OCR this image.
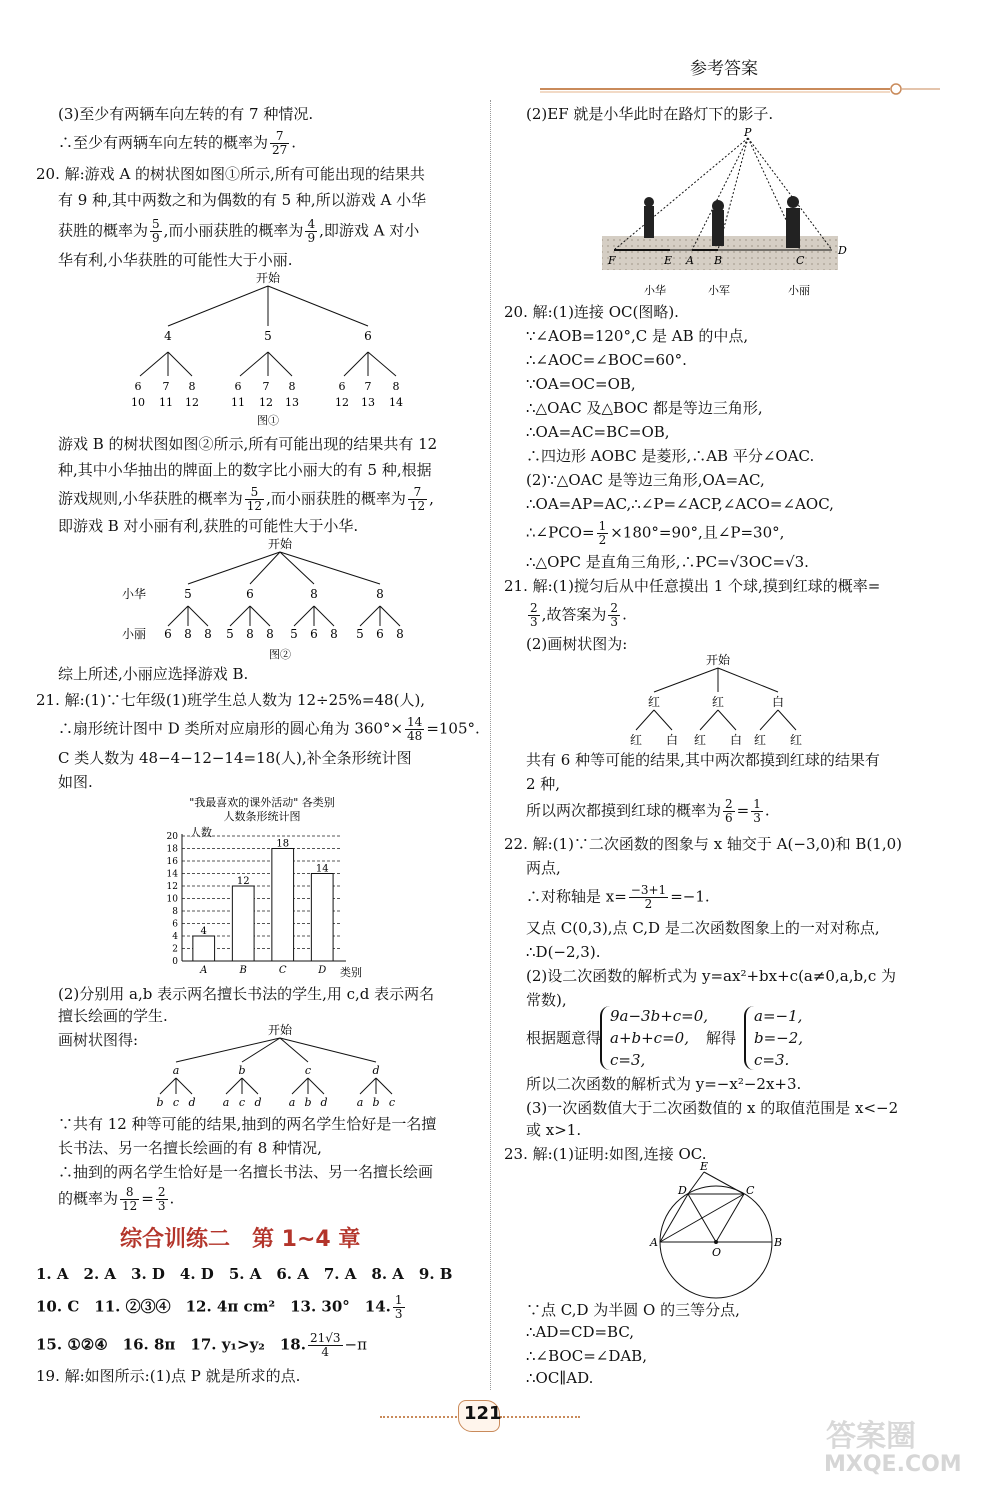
参考答案
(3)至少有两辆车向左转的有 7 种情况.
∴至少有两辆车向左转的概率为 $\frac{7}{27}$ .
20. 解:游戏 A 的树状图如图①所示,所有可能出现的结果共
有 9 种,其中两数之和为偶数的有 5 种,所以游戏 A 小华
获胜的概率为 $\frac{5}{9}$ ,而小丽获胜的概率为 $\frac{4}{9}$ ,即游戏 A 对小
华有利,小华获胜的可能性大于小丽.
开始
4	5	6
6 7 8	6 7 8	6 7 8
10 11 12	11 12 13	12 13 14
图①
游戏 B 的树状图如图②所示,所有可能出现的结果共有 12
种,其中小华抽出的牌面上的数字比小丽大的有 5 种,根据
游戏规则,小华获胜的概率为 $\frac{5}{12}$ ,而小丽获胜的概率为 $\frac{7}{12}$ ,
即游戏 B 对小丽有利,获胜的可能性大于小华.
开始
小华	5	6	8	8
小丽 6 8 8 5 8 8 5 6 8 5 6 8
图②
综上所述,小丽应选择游戏 B.
21. 解:(1)∵七年级(1)班学生总人数为 12÷25%=48(人),
∴扇形统计图中 D 类所对应扇形的圆心角为 $360^\circ\times \frac{14}{48} =105^\circ$.
C 类人数为 48−4−12−14=18(人),补全条形统计图
如图.
"我最喜欢的课外活动" 各类别
人数条形统计图
人数
类别
0
2
4
6
8
10
12
14
16
18
20
4
12
18
14
A	B	C	D
(2)分别用 a,b 表示两名擅长书法的学生,用 c,d 表示两名
擅长绘画的学生.
画树状图得:
开始
a	b	c	d
b c d a c d a b d	a b c
∵共有 12 种等可能的结果,抽到的两名学生恰好是一名擅
长书法、另一名擅长绘画的有 8 种情况,
∴抽到的两名学生恰好是一名擅长书法、另一名擅长绘画
的概率为 $\frac{8}{12} = \frac{2}{3}$ .
综合训练二　第 1~4 章
1. A　2. A　3. D　4. D　5. A　6. A　7. A　8. A　9. B
10. C　11. ②③④　12. 4π cm²　13. 30°　14. $\frac{1}{3}$
15. ①②④　16. 8π　17. y₁>y₂　18. $\frac{21√3}{4} -\pi$
19. 解:如图所示:(1)点 P 就是所求的点.
(2)EF 就是小华此时在路灯下的影子.
P
F	E A B	C
D
小华	小军	小丽
20. 解:(1)连接 OC(图略).
∵∠AOB=120°,C 是 AB 的中点,
∴∠AOC=∠BOC=60°.
∵OA=OC=OB,
∴△OAC 及△BOC 都是等边三角形,
∴OA=AC=BC=OB,
∴四边形 AOBC 是菱形,∴AB 平分∠OAC.
(2)∵△OAC 是等边三角形,OA=AC,
∴OA=AP=AC,∴∠P=∠ACP,∠ACO=∠AOC,
∴∠PCO= $\frac{1}{2} \times 180^\circ=90^\circ$,且∠P=30°,
∴△OPC 是直角三角形,∴PC=√3OC=√3.
21. 解:(1)搅匀后从中任意摸出 1 个球,摸到红球的概率=
$\frac{2}{3}$ ,故答案为 $\frac{2}{3}$ .
(2)画树状图为:
开始
红	红	白
红 白 红 白 红 红
共有 6 种等可能的结果,其中两次都摸到红球的结果有
2 种,
所以两次都摸到红球的概率为 $\frac{2}{6} = \frac{1}{3}$ .
22. 解:(1)∵二次函数的图象与 x 轴交于 A(−3,0)和 B(1,0)
两点,
∴对称轴是 $x= \frac{-3+1}{2} =-1$.
又点 C(0,3),点 C,D 是二次函数图象上的一对对称点,
∴D(−2,3).
(2)设二次函数的解析式为 y=ax²+bx+c(a≠0,a,b,c 为
常数),
根据题意得
9a−3b+c=0,
a+b+c=0,
c=3,
解得
a=−1,
b=−2,
c=3.
所以二次函数的解析式为 y=−x²−2x+3.
(3)一次函数值大于二次函数值的 x 的取值范围是 x<−2
或 x>1.
23. 解:(1)证明:如图,连接 OC.
E
D	C
A
O
B
∵点 C,D 为半圆 O 的三等分点,
∴AD=CD=BC,
∴∠BOC=∠DAB,
∴OC∥AD.
121
答案圈
MXQE.COM
